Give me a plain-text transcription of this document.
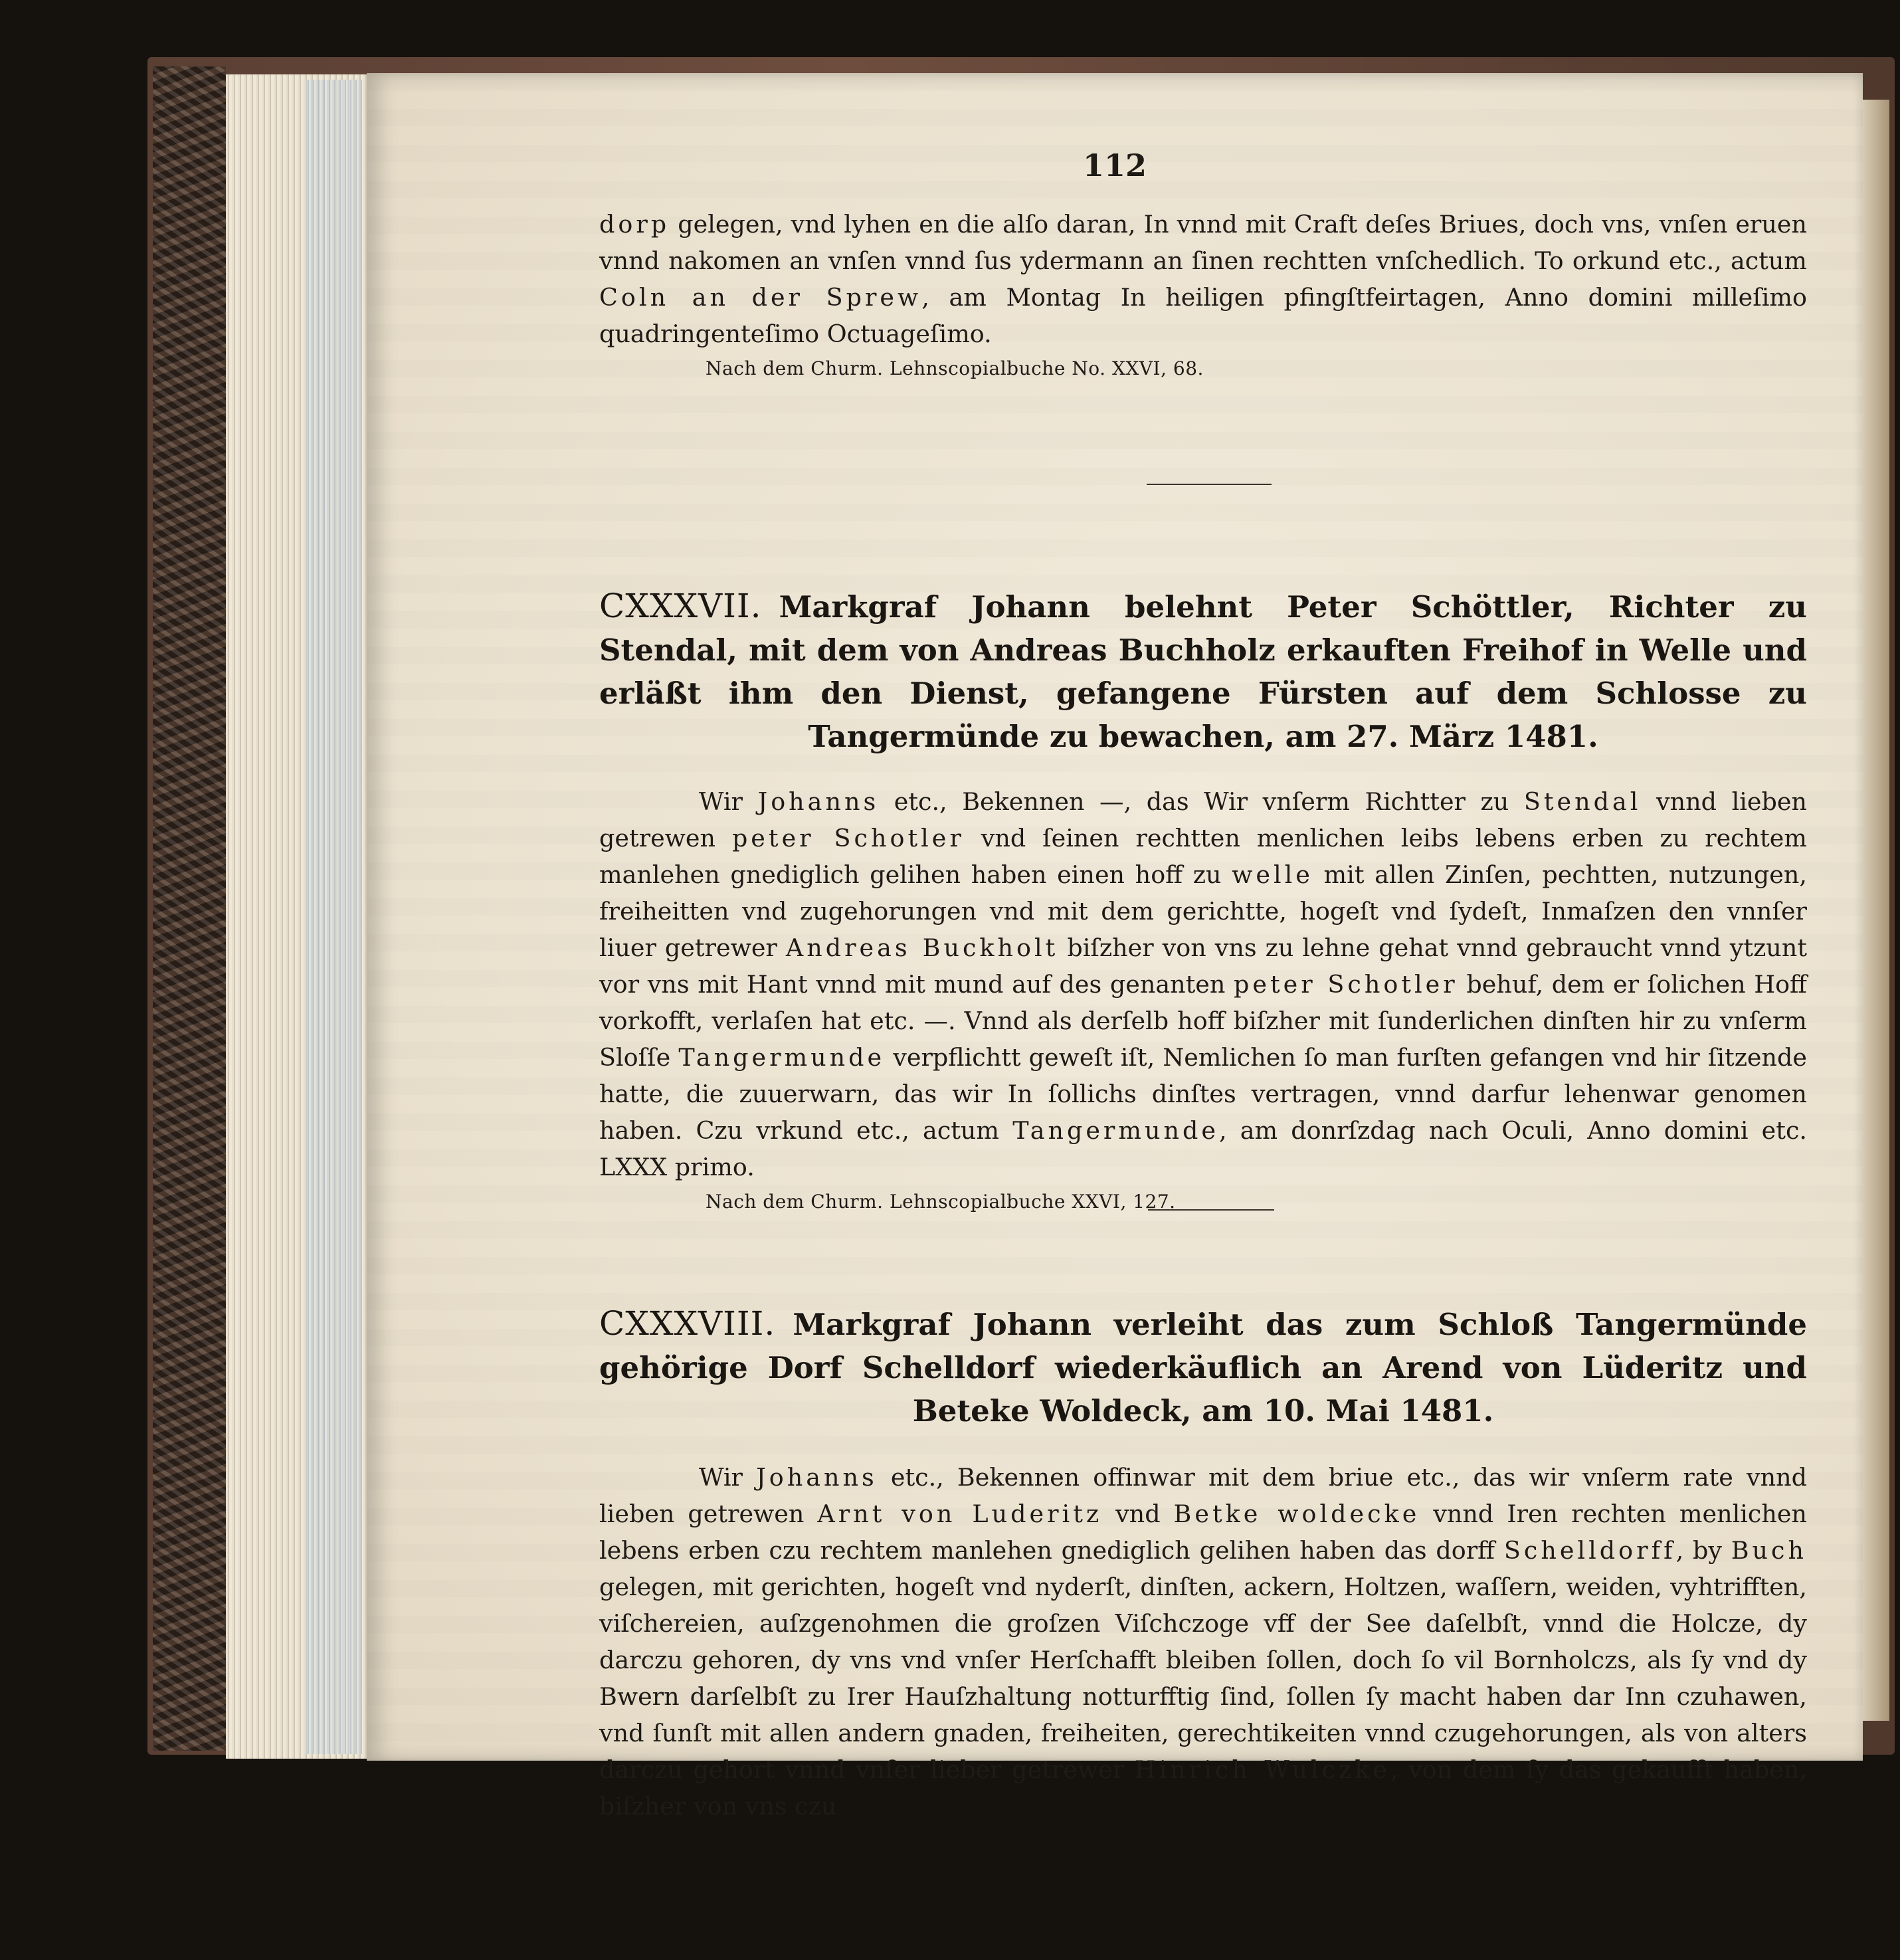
112

dorp gelegen, vnd lyhen en die alſo daran, In vnnd mit Craft deſes Briues, doch vns, vnſen eruen vnnd nakomen an vnſen vnnd ſus ydermann an ſinen rechtten vnſchedlich. To orkund etc., actum Coln an der Sprew, am Montag In heiligen pfingſtfeirtagen, Anno domini milleſimo quadringenteſimo Octuageſimo.

Nach dem Churm. Lehnscopialbuche No. XXVI, 68.

CXXXVII. Markgraf Johann belehnt Peter Schöttler, Richter zu Stendal, mit dem von Andreas Buchholz erkauften Freihof in Welle und erläßt ihm den Dienst, gefangene Fürsten auf dem Schlosse zu Tangermünde zu bewachen, am 27. März 1481.

Wir Johanns etc., Bekennen —, das Wir vnſerm Richtter zu Stendal vnnd lieben getrewen peter Schotler vnd ſeinen rechtten menlichen leibs lebens erben zu rechtem manlehen gnediglich gelihen haben einen hoff zu welle mit allen Zinſen, pechtten, nutzungen, freiheitten vnd zugehorungen vnd mit dem gerichtte, hogeſt vnd ſydeſt, Inmaſzen den vnnſer liuer getrewer Andreas Buckholt biſzher von vns zu lehne gehat vnnd gebraucht vnnd ytzunt vor vns mit Hant vnnd mit mund auf des genanten peter Schotler behuf, dem er ſolichen Hoff vorkofft, verlaſen hat etc. —. Vnnd als derſelb hoff biſzher mit ſunderlichen dinſten hir zu vnſerm Sloſſe Tangermunde verpflichtt geweſt iſt, Nemlichen ſo man furſten gefangen vnd hir ſitzende hatte, die zuuerwarn, das wir In ſollichs dinſtes vertragen, vnnd darfur lehenwar genomen haben. Czu vrkund etc., actum Tangermunde, am donrſzdag nach Oculi, Anno domini etc. LXXX primo.

Nach dem Churm. Lehnscopialbuche XXVI, 127.

CXXXVIII. Markgraf Johann verleiht das zum Schloß Tangermünde gehörige Dorf Schelldorf wiederkäuflich an Arend von Lüderitz und Beteke Woldeck, am 10. Mai 1481.

Wir Johanns etc., Bekennen offinwar mit dem briue etc., das wir vnſerm rate vnnd lieben getrewen Arnt von Luderitz vnd Betke woldecke vnnd Iren rechten menlichen lebens erben czu rechtem manlehen gnediglich gelihen haben das dorff Schelldorff, by Buch gelegen, mit gerichten, hogeſt vnd nyderſt, dinſten, ackern, Holtzen, waſſern, weiden, vyhtrifften, viſchereien, auſzgenohmen die groſzen Viſchczoge vff der See daſelbſt, vnnd die Holcze, dy darczu gehoren, dy vns vnd vnſer Herſchafft bleiben ſollen, doch ſo vil Bornholczs, als ſy vnd dy Bwern darſelbſt zu Irer Hauſzhaltung notturfftig ſind, ſollen ſy macht haben dar Inn czuhawen, vnd ſunſt mit allen andern gnaden, freiheiten, gerechtikeiten vnnd czugehorungen, als von alters darczu gehort vnnd vnſer lieber getrewer Hinrich Wulczke, von dem ſy das gekaufft haben, biſzher von vns czu
